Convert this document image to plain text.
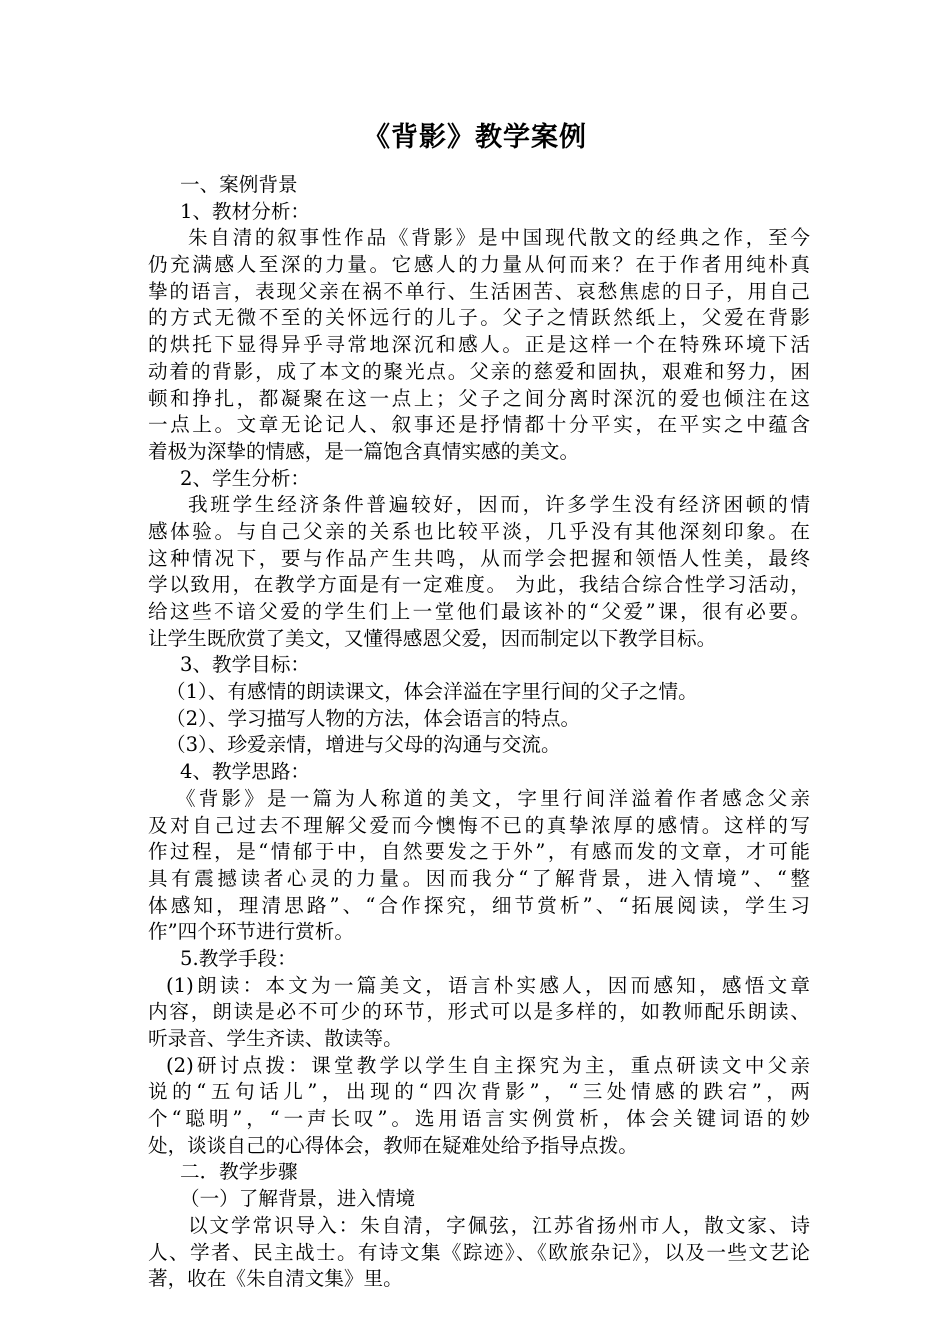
《背影》教学案例
一、案例背景
1、教材分析：
朱自清的叙事性作品《背影》是中国现代散文的经典之作，至今
仍充满感人至深的力量。它感人的力量从何而来？在于作者用纯朴真
挚的语言，表现父亲在祸不单行、生活困苦、哀愁焦虑的日子，用自己
的方式无微不至的关怀远行的儿子。父子之情跃然纸上，父爱在背影
的烘托下显得异乎寻常地深沉和感人。正是这样一个在特殊环境下活
动着的背影，成了本文的聚光点。父亲的慈爱和固执，艰难和努力，困
顿和挣扎，都凝聚在这一点上；父子之间分离时深沉的爱也倾注在这
一点上。文章无论记人、叙事还是抒情都十分平实，在平实之中蕴含
着极为深挚的情感，是一篇饱含真情实感的美文。
2、学生分析：
我班学生经济条件普遍较好，因而，许多学生没有经济困顿的情
感体验。与自己父亲的关系也比较平淡，几乎没有其他深刻印象。在
这种情况下，要与作品产生共鸣，从而学会把握和领悟人性美，最终
学以致用，在教学方面是有一定难度。 为此，我结合综合性学习活动，
给这些不谙父爱的学生们上一堂他们最该补的“父爱”课，很有必要。
让学生既欣赏了美文，又懂得感恩父爱，因而制定以下教学目标。
3、教学目标：
（1）、有感情的朗读课文，体会洋溢在字里行间的父子之情。
（2）、学习描写人物的方法，体会语言的特点。
（3）、珍爱亲情，增进与父母的沟通与交流。
4、教学思路：
《背影》是一篇为人称道的美文，字里行间洋溢着作者感念父亲
及对自己过去不理解父爱而今懊悔不已的真挚浓厚的感情。这样的写
作过程，是“情郁于中，自然要发之于外”，有感而发的文章，才可能
具有震撼读者心灵的力量。因而我分“了解背景，进入情境”、“整
体感知，理清思路”、“合作探究，细节赏析”、“拓展阅读，学生习
作”四个环节进行赏析。
5.教学手段：
(1)朗读：本文为一篇美文，语言朴实感人，因而感知，感悟文章
内容，朗读是必不可少的环节，形式可以是多样的，如教师配乐朗读、
听录音、学生齐读、散读等。
(2)研讨点拨：课堂教学以学生自主探究为主，重点研读文中父亲
说的“五句话儿”，出现的“四次背影”，“三处情感的跌宕”，两
个“聪明”，“一声长叹”。选用语言实例赏析，体会关键词语的妙
处，谈谈自己的心得体会，教师在疑难处给予指导点拨。
二．教学步骤
（一）了解背景，进入情境
以文学常识导入：朱自清，字佩弦，江苏省扬州市人，散文家、诗
人、学者、民主战士。有诗文集《踪迹》、《欧旅杂记》，以及一些文艺论
著，收在《朱自清文集》里。
